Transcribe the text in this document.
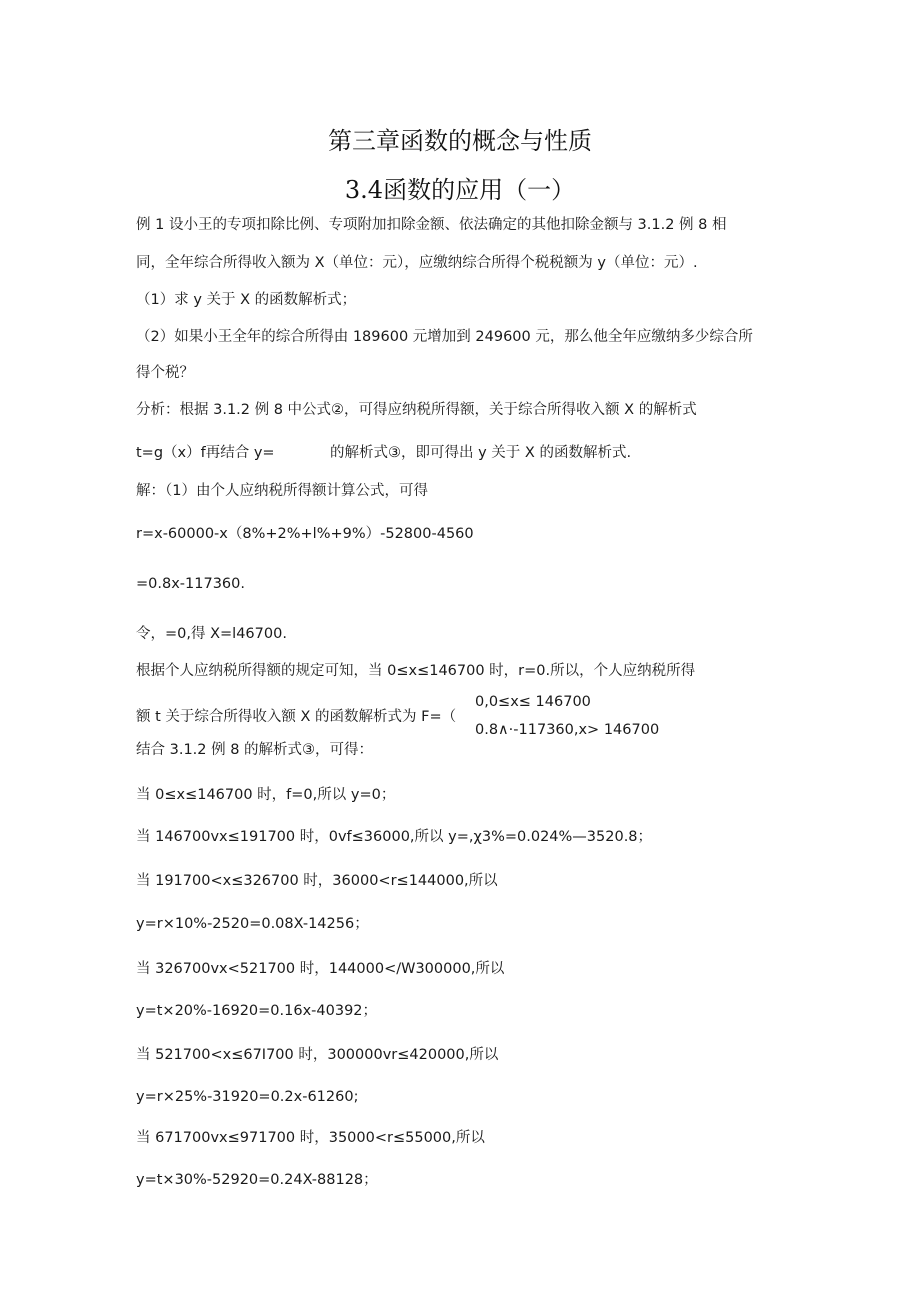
第三章函数的概念与性质
3.4函数的应用（一）
例 1 设小王的专项扣除比例、专项附加扣除金额、依法确定的其他扣除金额与 3.1.2 例 8 相
同，全年综合所得收入额为 X（单位：元），应缴纳综合所得个税税额为 y（单位：元）.
（1）求 y 关于 X 的函数解析式；
（2）如果小王全年的综合所得由 189600 元增加到 249600 元，那么他全年应缴纳多少综合所
得个税？
分析：根据 3.1.2 例 8 中公式②，可得应纳税所得额，关于综合所得收入额 X 的解析式
t=g（x）f再结合 y=	的解析式③，即可得出 y 关于 X 的函数解析式.
解：（1）由个人应纳税所得额计算公式，可得
r=x-60000-x（8%+2%+l%+9%）-52800-4560
=0.8x-117360.
令，=0,得 X=l46700.
根据个人应纳税所得额的规定可知，当 0≤x≤146700 时，r=0.所以，个人应纳税所得
额 t 关于综合所得收入额 X 的函数解析式为 F=（
0,0≤x≤ 146700
0.8∧·-117360,x> 146700
结合 3.1.2 例 8 的解析式③，可得：
当 0≤x≤146700 时，f=0,所以 y=0；
当 146700vx≤191700 时，0vf≤36000,所以 y=,χ3%=0.024%—3520.8；
当 191700<x≤326700 时，36000<r≤144000,所以
y=r×10%-2520=0.08X-14256；
当 326700vx<521700 时，144000</W300000,所以
y=t×20%-16920=0.16x-40392；
当 521700<x≤67I700 时，300000vr≤420000,所以
y=r×25%-31920=0.2x-61260;
当 671700vx≤971700 时，35000<r≤55000,所以
y=t×30%-52920=0.24X-88128；
